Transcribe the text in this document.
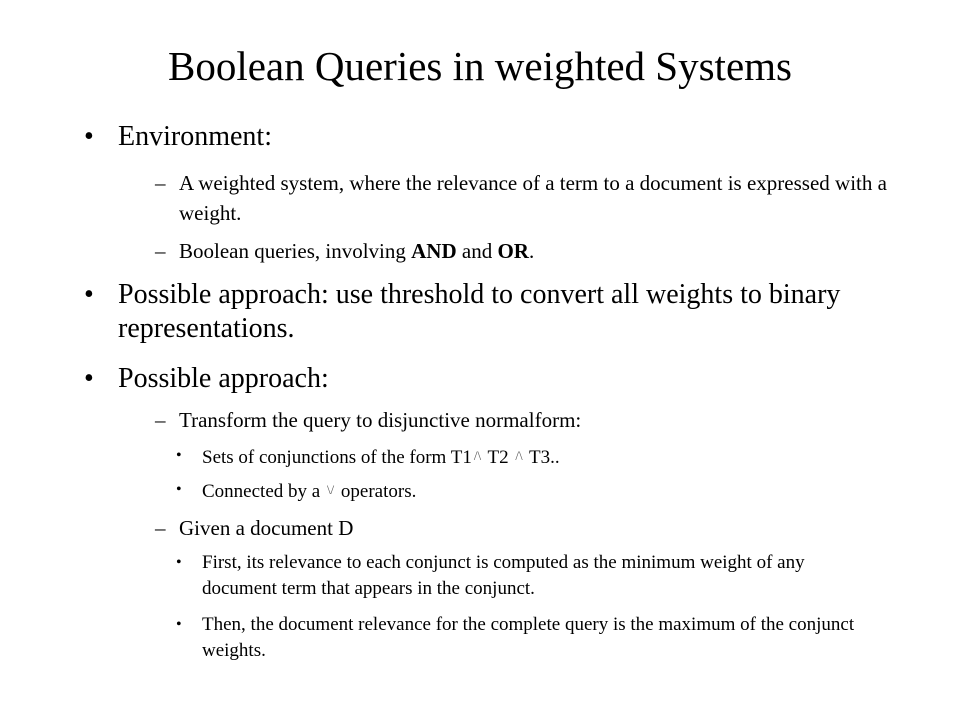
Boolean Queries in weighted Systems
• Environment:
– A weighted system, where the relevance of a term to a document is expressed with a weight.
– Boolean queries, involving AND and OR.
• Possible approach: use threshold to convert all weights to binary representations.
• Possible approach:
– Transform the query to disjunctive normalform:
• Sets of conjunctions of the form T1 /\ T2 /\ T3..
• Connected by a \/ operators.
– Given a document D
• First, its relevance to each conjunct is computed as the minimum weight of any document term that appears in the conjunct.
• Then, the document relevance for the complete query is the maximum of the conjunct weights.
